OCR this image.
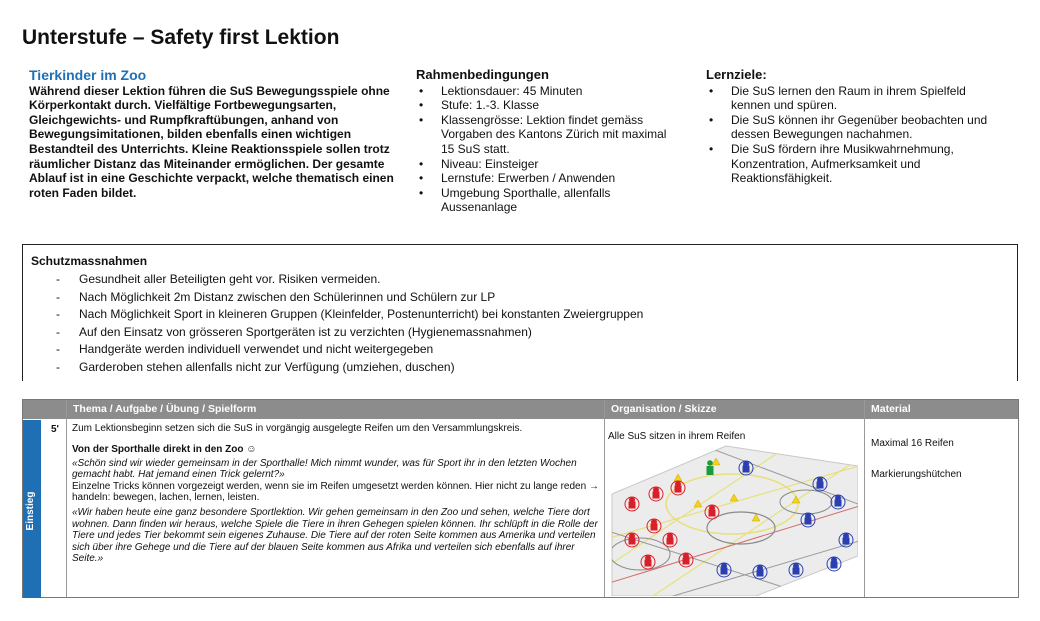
Unterstufe – Safety first Lektion
Tierkinder im Zoo
Während dieser Lektion führen die SuS Bewegungsspiele ohne Körperkontakt durch. Vielfältige Fortbewegungsarten, Gleichgewichts- und Rumpfkraftübungen, anhand von Bewegungsimitationen, bilden ebenfalls einen wichtigen Bestandteil des Unterrichts. Kleine Reaktionsspiele sollen trotz räumlicher Distanz das Miteinander ermöglichen. Der gesamte Ablauf ist in eine Geschichte verpackt, welche thematisch einen roten Faden bildet.
Rahmenbedingungen
• Lektionsdauer: 45 Minuten
• Stufe: 1.-3. Klasse
• Klassengrösse: Lektion findet gemäss Vorgaben des Kantons Zürich mit maximal 15 SuS statt.
• Niveau: Einsteiger
• Lernstufe: Erwerben / Anwenden
• Umgebung Sporthalle, allenfalls Aussenanlage
Lernziele:
• Die SuS lernen den Raum in ihrem Spielfeld kennen und spüren.
• Die SuS können ihr Gegenüber beobachten und dessen Bewegungen nachahmen.
• Die SuS fördern ihre Musikwahrnehmung, Konzentration, Aufmerksamkeit und Reaktionsfähigkeit.
Schutzmassnahmen
- Gesundheit aller Beteiligten geht vor. Risiken vermeiden.
- Nach Möglichkeit 2m Distanz zwischen den Schülerinnen und Schülern zur LP
- Nach Möglichkeit Sport in kleineren Gruppen (Kleinfelder, Postenunterricht) bei konstanten Zweiergruppen
- Auf den Einsatz von grösseren Sportgeräten ist zu verzichten (Hygienemassnahmen)
- Handgeräte werden individuell verwendet und nicht weitergegeben
- Garderoben stehen allenfalls nicht zur Verfügung (umziehen, duschen)
Thema / Aufgabe / Übung / Spielform	Organisation / Skizze	Material
Einstieg
5' Zum Lektionsbeginn setzen sich die SuS in vorgängig ausgelegte Reifen um den Versammlungskreis.

Von der Sporthalle direkt in den Zoo ☺

«Schön sind wir wieder gemeinsam in der Sporthalle! Mich nimmt wunder, was für Sport ihr in den letzten Wochen gemacht habt. Hat jemand einen Trick gelernt?»

Einzelne Tricks können vorgezeigt werden, wenn sie im Reifen umgesetzt werden können. Hier nicht zu lange reden → handeln: bewegen, lachen, lernen, leisten.

«Wir haben heute eine ganz besondere Sportlektion. Wir gehen gemeinsam in den Zoo und sehen, welche Tiere dort wohnen. Dann finden wir heraus, welche Spiele die Tiere in ihren Gehegen spielen können. Ihr schlüpft in die Rolle der Tiere und jedes Tier bekommt sein eigenes Zuhause. Die Tiere auf der roten Seite kommen aus Amerika und verteilen sich über ihre Gehege und die Tiere auf der blauen Seite kommen aus Afrika und verteilen sich ebenfalls auf ihrer Seite.»

Alle SuS sitzen in ihrem Reifen
Maximal 16 Reifen
Markierungshütchen
